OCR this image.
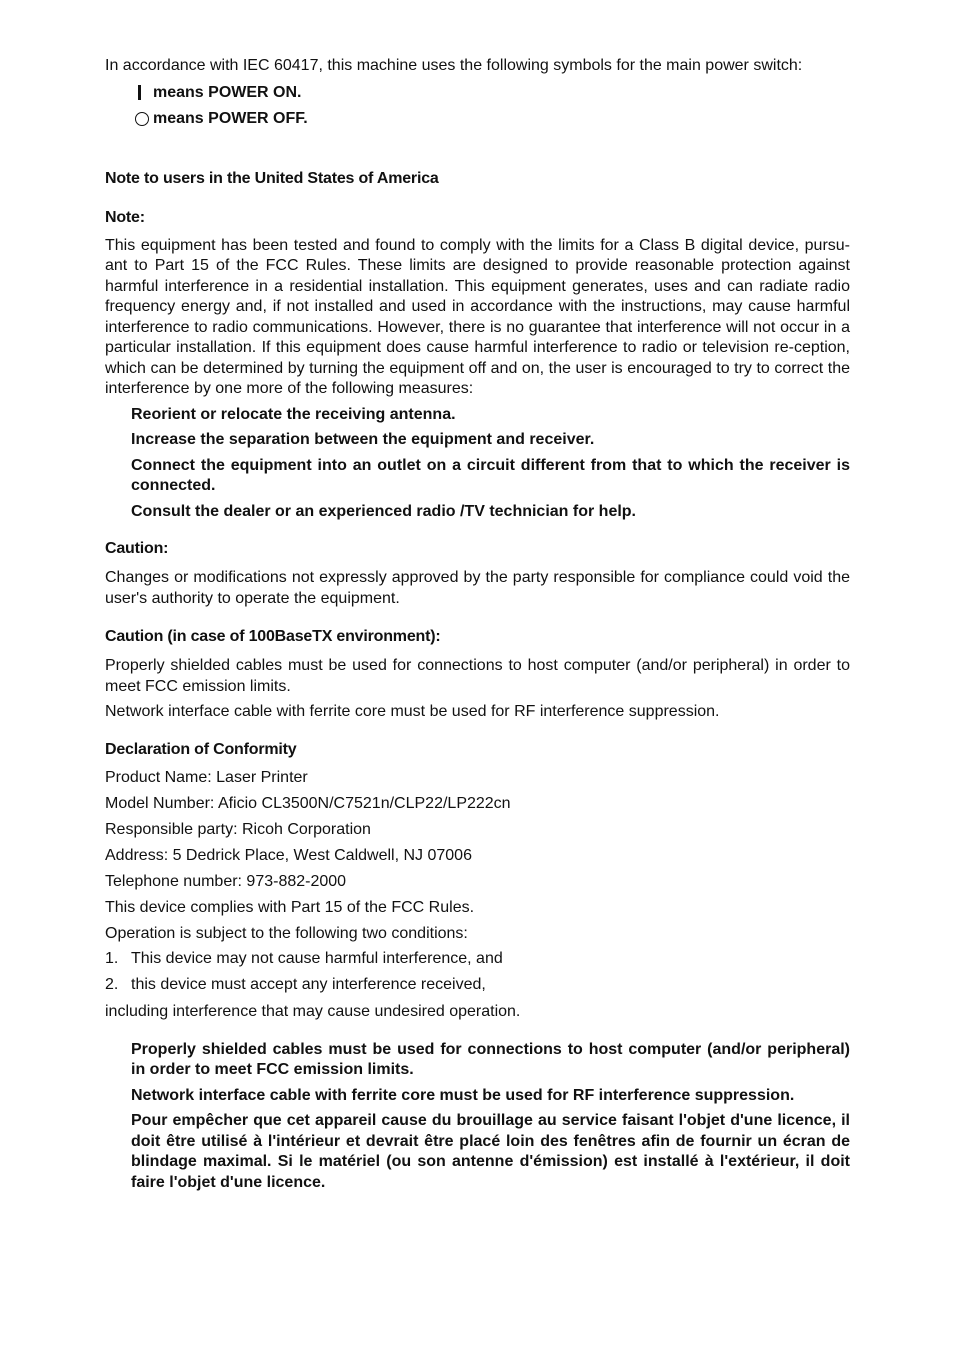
In accordance with IEC 60417, this machine uses the following symbols for the main power switch:

means POWER ON.
means POWER OFF.

Note to users in the United States of America

Note:

This equipment has been tested and found to comply with the limits for a Class B digital device, pursu-ant to Part 15 of the FCC Rules. These limits are designed to provide reasonable protection against harmful interference in a residential installation. This equipment generates, uses and can radiate radio frequency energy and, if not installed and used in accordance with the instructions, may cause harmful interference to radio communications. However, there is no guarantee that interference will not occur in a particular installation. If this equipment does cause harmful interference to radio or television re-ception, which can be determined by turning the equipment off and on, the user is encouraged to try to correct the interference by one more of the following measures:

Reorient or relocate the receiving antenna.

Increase the separation between the equipment and receiver.

Connect the equipment into an outlet on a circuit different from that to which the receiver is connected.

Consult the dealer or an experienced radio /TV technician for help.

Caution:

Changes or modifications not expressly approved by the party responsible for compliance could void the user's authority to operate the equipment.

Caution (in case of 100BaseTX environment):

Properly shielded cables must be used for connections to host computer (and/or peripheral) in order to meet FCC emission limits.

Network interface cable with ferrite core must be used for RF interference suppression.

Declaration of Conformity

Product Name: Laser Printer

Model Number: Aficio CL3500N/C7521n/CLP22/LP222cn

Responsible party: Ricoh Corporation

Address: 5 Dedrick Place, West Caldwell, NJ 07006

Telephone number: 973-882-2000

This device complies with Part 15 of the FCC Rules.

Operation is subject to the following two conditions:

1. This device may not cause harmful interference, and
2. this device must accept any interference received,

including interference that may cause undesired operation.

Properly shielded cables must be used for connections to host computer (and/or peripheral) in order to meet FCC emission limits.

Network interface cable with ferrite core must be used for RF interference suppression.

Pour empêcher que cet appareil cause du brouillage au service faisant l'objet d'une licence, il doit être utilisé à l'intérieur et devrait être placé loin des fenêtres afin de fournir un écran de blindage maximal. Si le matériel (ou son antenne d'émission) est installé à l'extérieur, il doit faire l'objet d'une licence.
